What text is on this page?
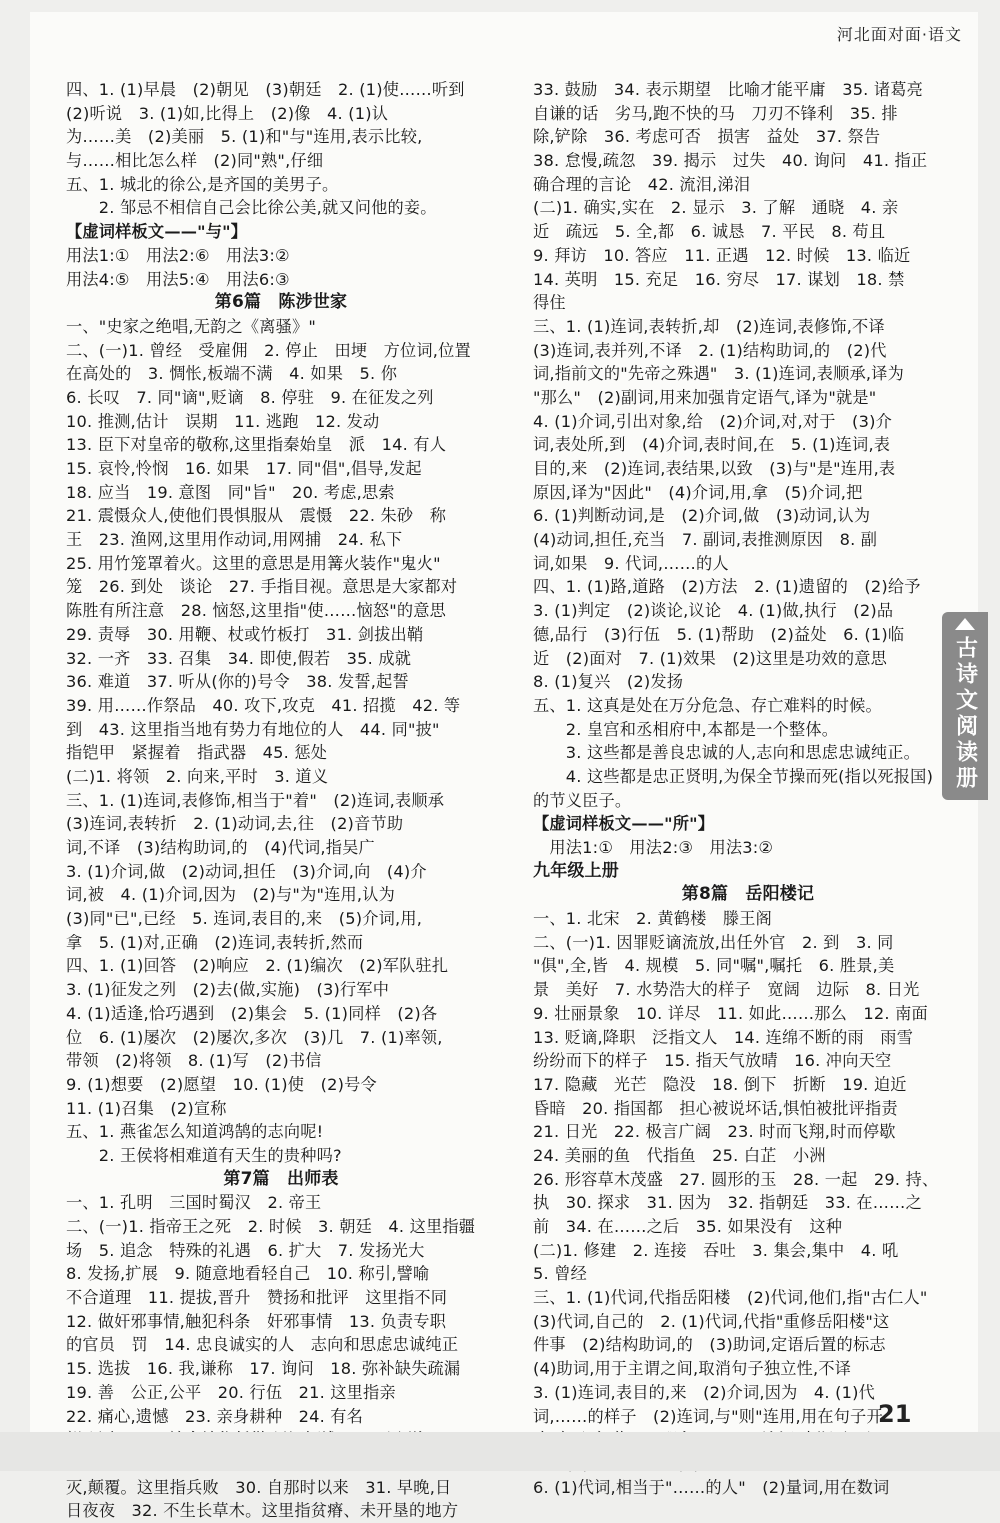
河北面对面·语文
四、1. (1)早晨　(2)朝见　(3)朝廷　2. (1)使……听到
(2)听说　3. (1)如,比得上　(2)像　4. (1)认
为……美　(2)美丽　5. (1)和"与"连用,表示比较,
与……相比怎么样　(2)同"熟",仔细
五、1. 城北的徐公,是齐国的美男子。
　　2. 邹忌不相信自己会比徐公美,就又问他的妾。
【虚词样板文——"与"】
用法1:①　用法2:⑥　用法3:②
用法4:⑤　用法5:④　用法6:③
第6篇　陈涉世家
一、"史家之绝唱,无韵之《离骚》"
二、(一)1. 曾经　受雇佣　2. 停止　田埂　方位词,位置
在高处的　3. 惆怅,板端不满　4. 如果　5. 你
6. 长叹　7. 同"谪",贬谪　8. 停驻　9. 在征发之列
10. 推测,估计　误期　11. 逃跑　12. 发动
13. 臣下对皇帝的敬称,这里指秦始皇　派　14. 有人
15. 哀怜,怜悯　16. 如果　17. 同"倡",倡导,发起
18. 应当　19. 意图　同"旨"　20. 考虑,思索
21. 震慑众人,使他们畏惧服从　震慑　22. 朱砂　称
王　23. 渔网,这里用作动词,用网捕　24. 私下
25. 用竹笼罩着火。这里的意思是用篝火装作"鬼火"
笼　26. 到处　谈论　27. 手指目视。意思是大家都对
陈胜有所注意　28. 恼怒,这里指"使……恼怒"的意思
29. 责辱　30. 用鞭、杖或竹板打　31. 剑拔出鞘
32. 一齐　33. 召集　34. 即使,假若　35. 成就
36. 难道　37. 听从(你的)号令　38. 发誓,起誓
39. 用……作祭品　40. 攻下,攻克　41. 招揽　42. 等
到　43. 这里指当地有势力有地位的人　44. 同"披"
指铠甲　紧握着　指武器　45. 惩处
(二)1. 将领　2. 向来,平时　3. 道义
三、1. (1)连词,表修饰,相当于"着"　(2)连词,表顺承
(3)连词,表转折　2. (1)动词,去,往　(2)音节助
词,不译　(3)结构助词,的　(4)代词,指吴广
3. (1)介词,做　(2)动词,担任　(3)介词,向　(4)介
词,被　4. (1)介词,因为　(2)与"为"连用,认为
(3)同"已",已经　5. 连词,表目的,来　(5)介词,用,
拿　5. (1)对,正确　(2)连词,表转折,然而
四、1. (1)回答　(2)响应　2. (1)编次　(2)军队驻扎
3. (1)征发之列　(2)去(做,实施)　(3)行军中
4. (1)适逢,恰巧遇到　(2)集会　5. (1)同样　(2)各
位　6. (1)屡次　(2)屡次,多次　(3)几　7. (1)率领,
带领　(2)将领　8. (1)写　(2)书信
9. (1)想要　(2)愿望　10. (1)使　(2)号令
11. (1)召集　(2)宣称
五、1. 燕雀怎么知道鸿鹄的志向呢!
　　2. 王侯将相难道有天生的贵种吗?
第7篇　出师表
一、1. 孔明　三国时蜀汉　2. 帝王
二、(一)1. 指帝王之死　2. 时候　3. 朝廷　4. 这里指疆
场　5. 追念　特殊的礼遇　6. 扩大　7. 发扬光大
8. 发扬,扩展　9. 随意地看轻自己　10. 称引,譬喻
不合道理　11. 提拔,晋升　赞扬和批评　这里指不同
12. 做奸邪事情,触犯科条　奸邪事情　13. 负责专职
的官员　罚　14. 忠良诚实的人　志向和思虑忠诚纯正
15. 选拔　16. 我,谦称　17. 询问　18. 弥补缺失疏漏
19. 善　公正,公平　20. 行伍　21. 这里指亲
22. 痛心,遗憾　23. 亲身耕种　24. 有名
灭,颠覆。这里指兵败　30. 自那时以来　31. 早晚,日
日夜夜　32. 不生长草木。这里指贫瘠、未开垦的地方
33. 鼓励　34. 表示期望　比喻才能平庸　35. 诸葛亮
自谦的话　劣马,跑不快的马　刀刃不锋利　35. 排
除,铲除　36. 考虑可否　损害　益处　37. 祭告
38. 怠慢,疏忽　39. 揭示　过失　40. 询问　41. 指正
确合理的言论　42. 流泪,涕泪
(二)1. 确实,实在　2. 显示　3. 了解　通晓　4. 亲
近　疏远　5. 全,都　6. 诚恳　7. 平民　8. 苟且
9. 拜访　10. 答应　11. 正遇　12. 时候　13. 临近
14. 英明　15. 充足　16. 穷尽　17. 谋划　18. 禁
得住
三、1. (1)连词,表转折,却　(2)连词,表修饰,不译
(3)连词,表并列,不译　2. (1)结构助词,的　(2)代
词,指前文的"先帝之殊遇"　3. (1)连词,表顺承,译为
"那么"　(2)副词,用来加强肯定语气,译为"就是"
4. (1)介词,引出对象,给　(2)介词,对,对于　(3)介
词,表处所,到　(4)介词,表时间,在　5. (1)连词,表
目的,来　(2)连词,表结果,以致　(3)与"是"连用,表
原因,译为"因此"　(4)介词,用,拿　(5)介词,把
6. (1)判断动词,是　(2)介词,做　(3)动词,认为
(4)动词,担任,充当　7. 副词,表推测原因　8. 副
词,如果　9. 代词,……的人
四、1. (1)路,道路　(2)方法　2. (1)遗留的　(2)给予
3. (1)判定　(2)谈论,议论　4. (1)做,执行　(2)品
德,品行　(3)行伍　5. (1)帮助　(2)益处　6. (1)临
近　(2)面对　7. (1)效果　(2)这里是功效的意思
8. (1)复兴　(2)发扬
五、1. 这真是处在万分危急、存亡难料的时候。
　　2. 皇宫和丞相府中,本都是一个整体。
　　3. 这些都是善良忠诚的人,志向和思虑忠诚纯正。
　　4. 这些都是忠正贤明,为保全节操而死(指以死报国)
的节义臣子。
【虚词样板文——"所"】
　用法1:①　用法2:③　用法3:②
九年级上册
第8篇　岳阳楼记
一、1. 北宋　2. 黄鹤楼　滕王阁
二、(一)1. 因罪贬谪流放,出任外官　2. 到　3. 同
"俱",全,皆　4. 规模　5. 同"嘱",嘱托　6. 胜景,美
景　美好　7. 水势浩大的样子　宽阔　边际　8. 日光
9. 壮丽景象　10. 详尽　11. 如此……那么　12. 南面
13. 贬谪,降职　泛指文人　14. 连绵不断的雨　雨雪
纷纷而下的样子　15. 指天气放晴　16. 冲向天空
17. 隐藏　光芒　隐没　18. 倒下　折断　19. 迫近
昏暗　20. 指国都　担心被说坏话,惧怕被批评指责
21. 日光　22. 极言广阔　23. 时而飞翔,时而停歇
24. 美丽的鱼　代指鱼　25. 白芷　小洲
26. 形容草木茂盛　27. 圆形的玉　28. 一起　29. 持、
执　30. 探求　31. 因为　32. 指朝廷　33. 在……之
前　34. 在……之后　35. 如果没有　这种
(二)1. 修建　2. 连接　吞吐　3. 集会,集中　4. 吼
5. 曾经
三、1. (1)代词,代指岳阳楼　(2)代词,他们,指"古仁人"
(3)代词,自己的　2. (1)代词,代指"重修岳阳楼"这
件事　(2)结构助词,的　(3)助词,定语后置的标志
(4)助词,用于主谓之间,取消句子独立性,不译
3. (1)连词,表目的,来　(2)介词,因为　4. (1)代
词,……的样子　(2)连词,与"则"连用,用在句子开
6. (1)代词,相当于"……的人"　(2)量词,用在数词
古诗文阅读册
21
